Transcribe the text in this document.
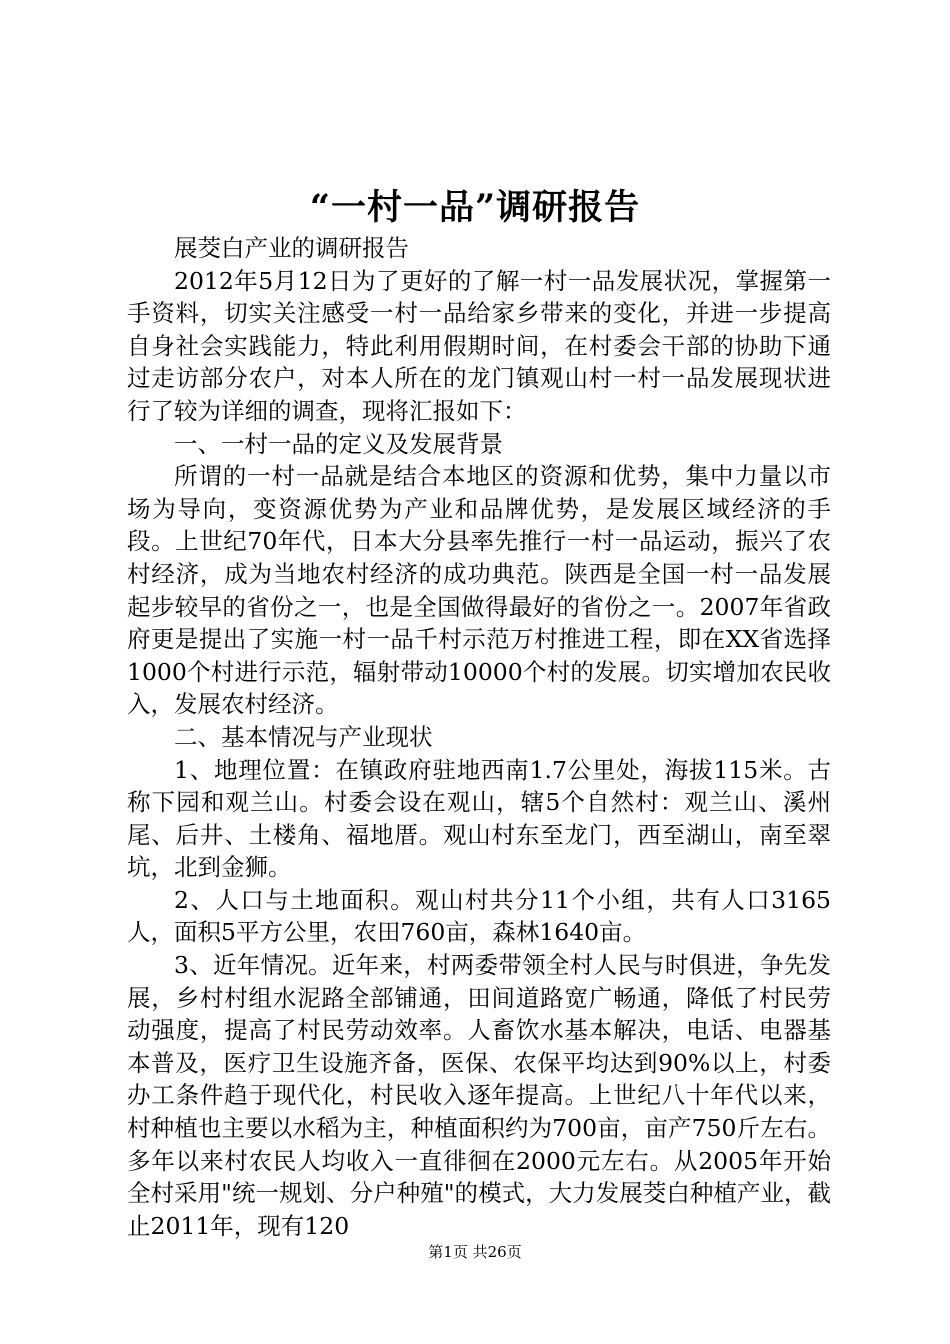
“一村一品”调研报告

展茭白产业的调研报告

2012年5月12日为了更好的了解一村一品发展状况，掌握第一手资料，切实关注感受一村一品给家乡带来的变化，并进一步提高自身社会实践能力，特此利用假期时间，在村委会干部的协助下通过走访部分农户，对本人所在的龙门镇观山村一村一品发展现状进行了较为详细的调查，现将汇报如下：

一、一村一品的定义及发展背景

所谓的一村一品就是结合本地区的资源和优势，集中力量以市场为导向，变资源优势为产业和品牌优势，是发展区域经济的手段。上世纪70年代，日本大分县率先推行一村一品运动，振兴了农村经济，成为当地农村经济的成功典范。陕西是全国一村一品发展起步较早的省份之一，也是全国做得最好的省份之一。2007年省政府更是提出了实施一村一品千村示范万村推进工程，即在XX省选择1000个村进行示范，辐射带动10000个村的发展。切实增加农民收入，发展农村经济。

二、基本情况与产业现状

1、地理位置：在镇政府驻地西南1.7公里处，海拔115米。古称下园和观兰山。村委会设在观山，辖5个自然村：观兰山、溪州尾、后井、土楼角、福地厝。观山村东至龙门，西至湖山，南至翠坑，北到金狮。

2、人口与土地面积。观山村共分11个小组，共有人口3165人，面积5平方公里，农田760亩，森林1640亩。

3、近年情况。近年来，村两委带领全村人民与时俱进，争先发展，乡村村组水泥路全部铺通，田间道路宽广畅通，降低了村民劳动强度，提高了村民劳动效率。人畜饮水基本解决，电话、电器基本普及，医疗卫生设施齐备，医保、农保平均达到90%以上，村委办工条件趋于现代化，村民收入逐年提高。上世纪八十年代以来，村种植也主要以水稻为主，种植面积约为700亩，亩产750斤左右。多年以来村农民人均收入一直徘徊在2000元左右。从2005年开始全村采用"统一规划、分户种殖"的模式，大力发展茭白种植产业，截止2011年，现有120

第1页 共26页
